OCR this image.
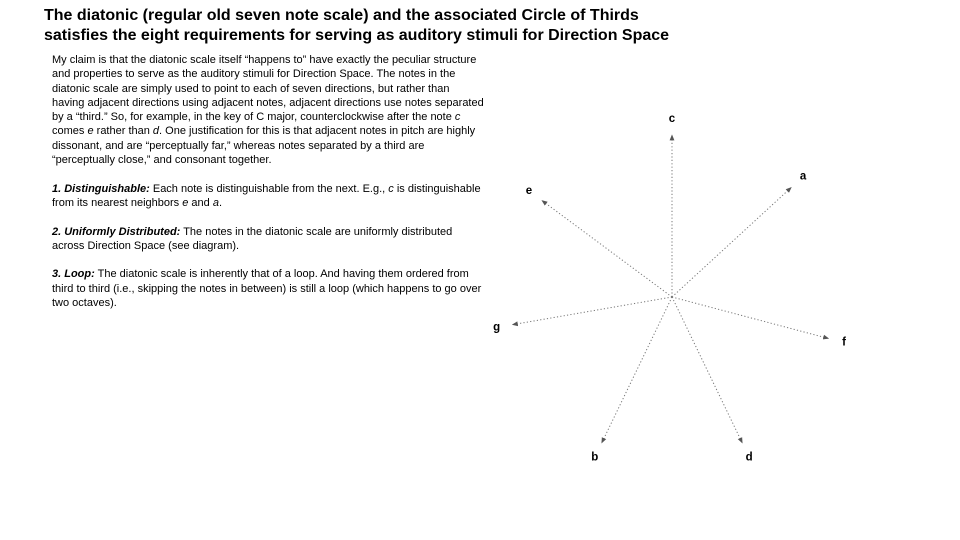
The diatonic (regular old seven note scale) and the associated Circle of Thirds
satisfies the eight requirements for serving as auditory stimuli for Direction Space

My claim is that the diatonic scale itself “happens to” have exactly the peculiar structure and properties to serve as the auditory stimuli for Direction Space. The notes in the diatonic scale are simply used to point to each of seven directions, but rather than having adjacent directions using adjacent notes, adjacent directions use notes separated by a “third.” So, for example, in the key of C major, counterclockwise after the note c comes e rather than d. One justification for this is that adjacent notes in pitch are highly dissonant, and are “perceptually far,” whereas notes separated by a third are “perceptually close,” and consonant together.

1. Distinguishable: Each note is distinguishable from the next. E.g., c is distinguishable from its nearest neighbors e and a.

2. Uniformly Distributed: The notes in the diatonic scale are uniformly distributed across Direction Space (see diagram).

3. Loop: The diatonic scale is inherently that of a loop. And having them ordered from third to third (i.e., skipping the notes in between) is still a loop (which happens to go over two octaves).

c
a
f
d
b
g
e
